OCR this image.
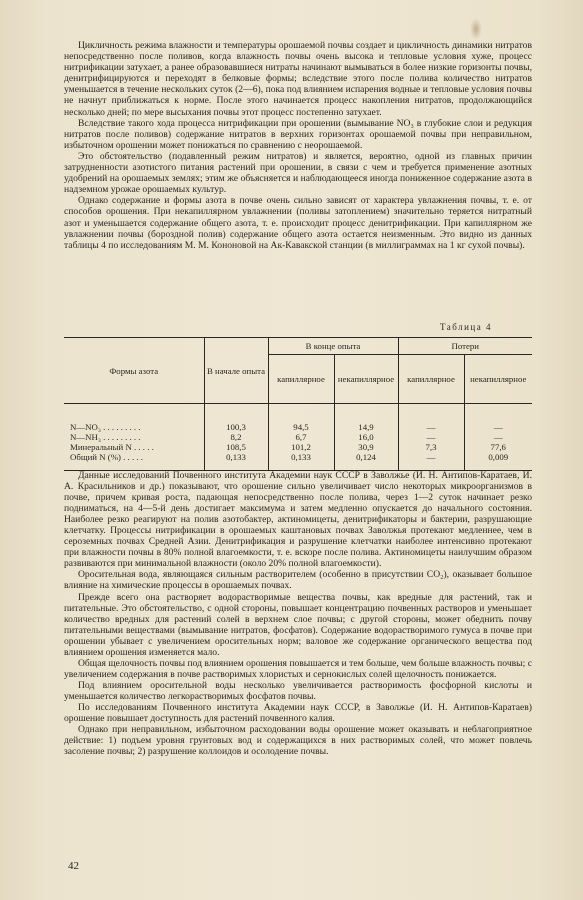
Цикличность режима влажности и температуры орошаемой почвы создает и цикличность динамики нитратов непосредственно после поливов, когда влажность почвы очень высока и тепловые условия хуже, процесс нитрификации затухает, а ранее образовавшиеся нитраты начинают вымываться в более низкие горизонты почвы, денитрифицируются и переходят в белковые формы; вследствие этого после полива количество нитратов уменьшается в течение нескольких суток (2—6), пока под влиянием испарения водные и тепловые условия почвы не начнут приближаться к норме. После этого начинается процесс накопления нитратов, продолжающийся несколько дней; по мере высыхания почвы этот процесс постепенно затухает.

Вследствие такого хода процесса нитрификации при орошении (вымывание NO₃ в глубокие слои и редукция нитратов после поливов) содержание нитратов в верхних горизонтах орошаемой почвы при неправильном, избыточном орошении может понижаться по сравнению с неорошаемой.

Это обстоятельство (подавленный режим нитратов) и является, вероятно, одной из главных причин затрудненности азотистого питания растений при орошении, в связи с чем и требуется применение азотных удобрений на орошаемых землях; этим же объясняется и наблюдающееся иногда пониженное содержание азота в надземном урожае орошаемых культур.

Однако содержание и формы азота в почве очень сильно зависят от характера увлажнения почвы, т. е. от способов орошения. При некапиллярном увлажнении (поливы затоплением) значительно теряется нитратный азот и уменьшается содержание общего азота, т. е. происходит процесс денитрификации. При капиллярном же увлажнении почвы (бороздной полив) содержание общего азота остается неизменным. Это видно из данных таблицы 4 по исследованиям М. М. Кононовой на Ак-Кавакской станции (в миллиграммах на 1 кг сухой почвы).

Таблица 4
Формы азота	В начале опыта	В конце опыта		Потери	
		капиллярное	некапиллярное	капиллярное	некапиллярное
N—NO₃ . . . . . . . . .	100,3	94,5	14,9	—	—
N—NH₃ . . . . . . . . .	8,2	6,7	16,0	—	—
Минеральный N . . . . .	108,5	101,2	30,9	7,3	77,6
Общий N (%) . . . . .	0,133	0,133	0,124	—	0,009

Данные исследований Почвенного института Академии наук СССР в Заволжье (И. Н. Антипов-Каратаев, И. А. Красильников и др.) показывают, что орошение сильно увеличивает число некоторых микроорганизмов в почве, причем кривая роста, падающая непосредственно после полива, через 1—2 суток начинает резко подниматься, на 4—5-й день достигает максимума и затем медленно опускается до начального состояния. Наиболее резко реагируют на полив азотобактер, актиномицеты, денитрификаторы и бактерии, разрушающие клетчатку. Процессы нитрификации в орошаемых каштановых почвах Заволжья протекают медленнее, чем в сероземных почвах Средней Азии. Денитрификация и разрушение клетчатки наиболее интенсивно протекают при влажности почвы в 80% полной влагоемкости, т. е. вскоре после полива. Актиномицеты наилучшим образом развиваются при минимальной влажности (около 20% полной влагоемкости).

Оросительная вода, являющаяся сильным растворителем (особенно в присутствии CO₂), оказывает большое влияние на химические процессы в орошаемых почвах.

Прежде всего она растворяет водорастворимые вещества почвы, как вредные для растений, так и питательные. Это обстоятельство, с одной стороны, повышает концентрацию почвенных растворов и уменьшает количество вредных для растений солей в верхнем слое почвы; с другой стороны, может обеднить почву питательными веществами (вымывание нитратов, фосфатов). Содержание водорастворимого гумуса в почве при орошении убывает с увеличением оросительных норм; валовое же содержание органического вещества под влиянием орошения изменяется мало.

Общая щелочность почвы под влиянием орошения повышается и тем больше, чем больше влажность почвы; с увеличением содержания в почве растворимых хлористых и сернокислых солей щелочность понижается.

Под влиянием оросительной воды несколько увеличивается растворимость фосфорной кислоты и уменьшается количество легкорастворимых фосфатов почвы.

По исследованиям Почвенного института Академии наук СССР, в Заволжье (И. Н. Антипов-Каратаев) орошение повышает доступность для растений почвенного калия.

Однако при неправильном, избыточном расходовании воды орошение может оказывать и неблагоприятное действие: 1) подъем уровня грунтовых вод и содержащихся в них растворимых солей, что может повлечь засоление почвы; 2) разрушение коллоидов и осолодение почвы.

42
